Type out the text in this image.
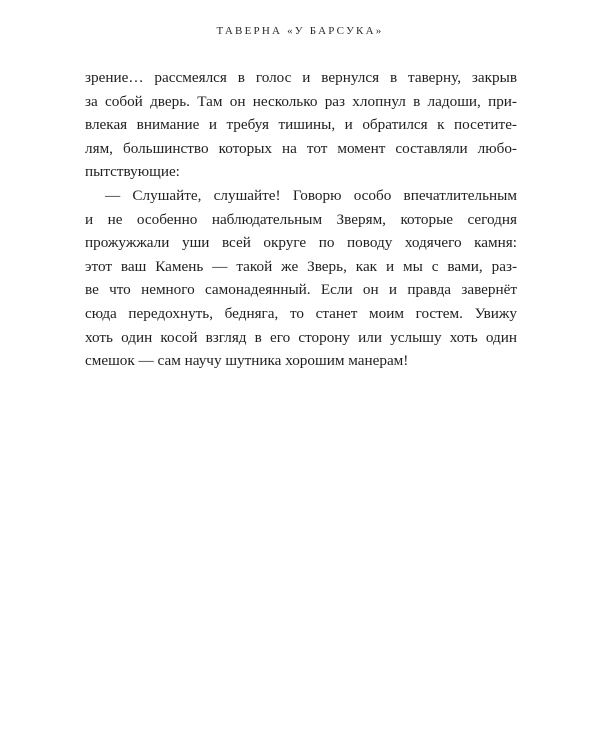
ТАВЕРНА «У БАРСУКА»
зрение… рассмеялся в голос и вернулся в таверну, закрыв
за собой дверь. Там он несколько раз хлопнул в ладоши, при-
влекая внимание и требуя тишины, и обратился к посетите-
лям, большинство которых на тот момент составляли любо-
пытствующие:
— Слушайте, слушайте! Говорю особо впечатлительным
и не особенно наблюдательным Зверям, которые сегодня
прожужжали уши всей округе по поводу ходячего камня:
этот ваш Камень — такой же Зверь, как и мы с вами, раз-
ве что немного самонадеянный. Если он и правда завернёт
сюда передохнуть, бедняга, то станет моим гостем. Увижу
хоть один косой взгляд в его сторону или услышу хоть один
смешок — сам научу шутника хорошим манерам!
